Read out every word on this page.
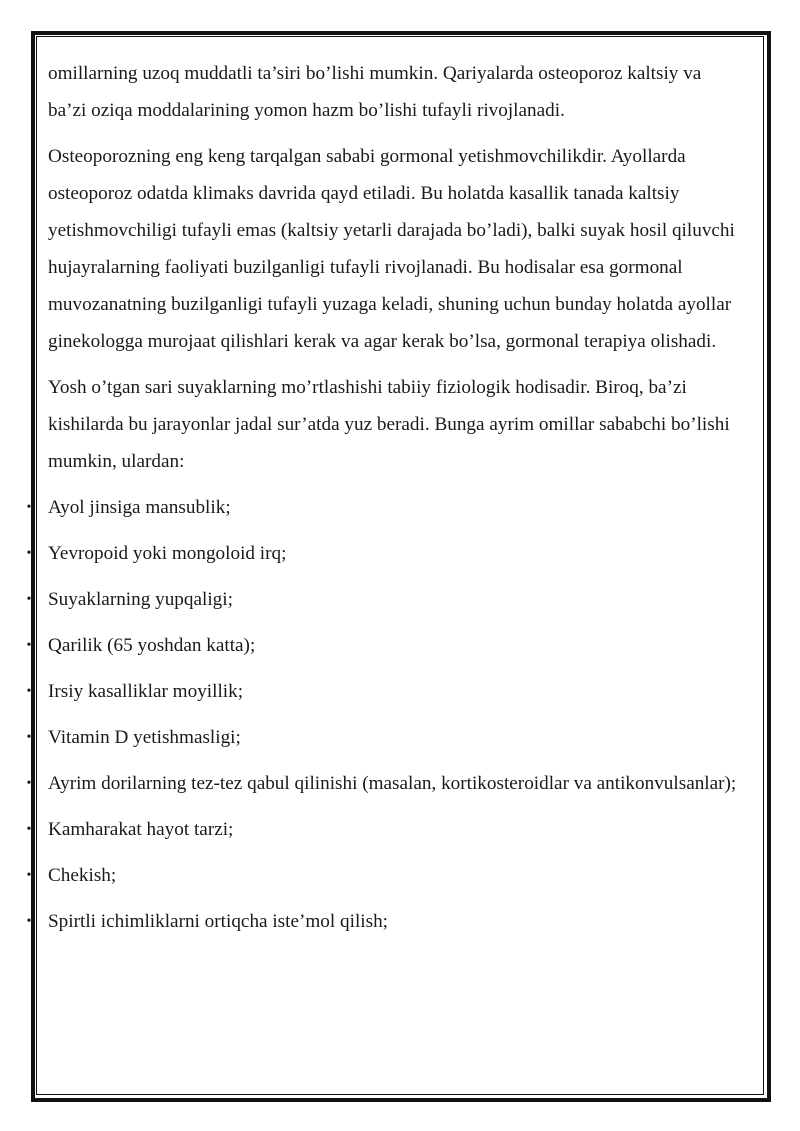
omillarning uzoq muddatli ta’siri bo’lishi mumkin. Qariyalarda osteoporoz kaltsiy va ba’zi oziqa moddalarining yomon hazm bo’lishi tufayli rivojlanadi.

Osteoporozning eng keng tarqalgan sababi gormonal yetishmovchilikdir. Ayollarda osteoporoz odatda klimaks davrida qayd etiladi. Bu holatda kasallik tanada kaltsiy yetishmovchiligi tufayli emas (kaltsiy yetarli darajada bo’ladi), balki suyak hosil qiluvchi hujayralarning faoliyati buzilganligi tufayli rivojlanadi. Bu hodisalar esa gormonal muvozanatning buzilganligi tufayli yuzaga keladi, shuning uchun bunday holatda ayollar ginekologga murojaat qilishlari kerak va agar kerak bo’lsa, gormonal terapiya olishadi.

Yosh o’tgan sari suyaklarning mo’rtlashishi tabiiy fiziologik hodisadir. Biroq, ba’zi kishilarda bu jarayonlar jadal sur’atda yuz beradi. Bunga ayrim omillar sababchi bo’lishi mumkin, ulardan:

• Ayol jinsiga mansublik;
• Yevropoid yoki mongoloid irq;
• Suyaklarning yupqaligi;
• Qarilik (65 yoshdan katta);
• Irsiy kasalliklar moyillik;
• Vitamin D yetishmasligi;
• Ayrim dorilarning tez-tez qabul qilinishi (masalan, kortikosteroidlar va antikonvulsanlar);
• Kamharakat hayot tarzi;
• Chekish;
• Spirtli ichimliklarni ortiqcha iste’mol qilish;
